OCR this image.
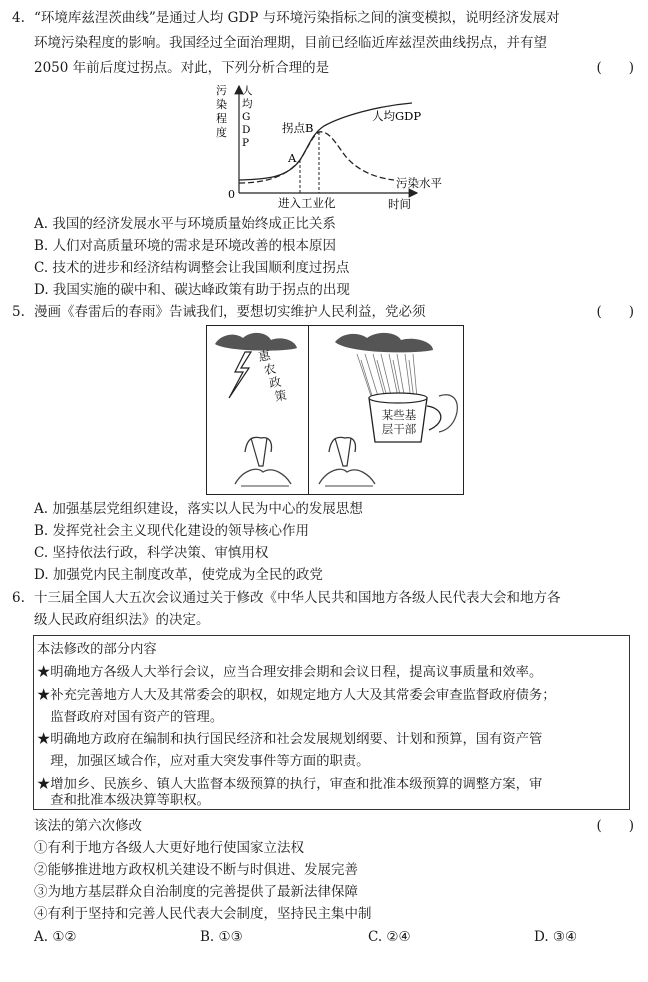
4. “环境库兹涅茨曲线”是通过人均 GDP 与环境污染指标之间的演变模拟，说明经济发展对
环境污染程度的影响。我国经过全面治理期，目前已经临近库兹涅茨曲线拐点，并有望
2050 年前后度过拐点。对此，下列分析合理的是	(　　)
0
时间
人均GDP
污染水平
拐点B
A
进入工业化
污
染
程
度
人
均
G
D
P
A. 我国的经济发展水平与环境质量始终成正比关系
B. 人们对高质量环境的需求是环境改善的根本原因
C. 技术的进步和经济结构调整会让我国顺利度过拐点
D. 我国实施的碳中和、碳达峰政策有助于拐点的出现
5. 漫画《春雷后的春雨》告诫我们，要想切实维护人民利益，党必须	(　　)
惠
农
政
策
某些基
层干部
A. 加强基层党组织建设，落实以人民为中心的发展思想
B. 发挥党社会主义现代化建设的领导核心作用
C. 坚持依法行政，科学决策、审慎用权
D. 加强党内民主制度改革，使党成为全民的政党
6. 十三届全国人大五次会议通过关于修改《中华人民共和国地方各级人民代表大会和地方各
级人民政府组织法》的决定。
本法修改的部分内容
★明确地方各级人大举行会议，应当合理安排会期和会议日程，提高议事质量和效率。
★补充完善地方人大及其常委会的职权，如规定地方人大及其常委会审查监督政府债务；
　监督政府对国有资产的管理。
★明确地方政府在编制和执行国民经济和社会发展规划纲要、计划和预算，国有资产管
　理，加强区域合作，应对重大突发事件等方面的职责。
★增加乡、民族乡、镇人大监督本级预算的执行，审查和批准本级预算的调整方案，审
　查和批准本级决算等职权。
该法的第六次修改	(　　)
①有利于地方各级人大更好地行使国家立法权
②能够推进地方政权机关建设不断与时俱进、发展完善
③为地方基层群众自治制度的完善提供了最新法律保障
④有利于坚持和完善人民代表大会制度，坚持民主集中制
A. ①②	B. ①③	C. ②④	D. ③④
